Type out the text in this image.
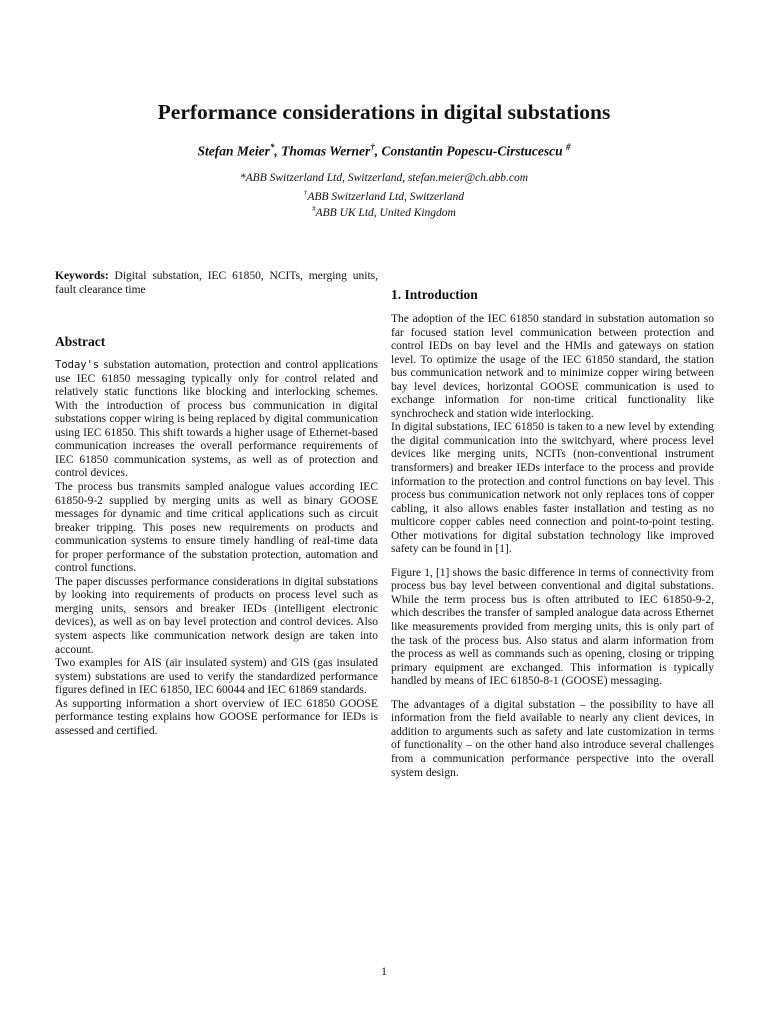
Performance considerations in digital substations
Stefan Meier*, Thomas Werner†, Constantin Popescu-Cirstucescu #
*ABB Switzerland Ltd, Switzerland, stefan.meier@ch.abb.com
†ABB Switzerland Ltd, Switzerland
#ABB UK Ltd, United Kingdom

Keywords: Digital substation, IEC 61850, NCITs, merging units, fault clearance time

Abstract

Today's substation automation, protection and control applications use IEC 61850 messaging typically only for control related and relatively static functions like blocking and interlocking schemes. With the introduction of process bus communication in digital substations copper wiring is being replaced by digital communication using IEC 61850. This shift towards a higher usage of Ethernet-based communication increases the overall performance requirements of IEC 61850 communication systems, as well as of protection and control devices.

The process bus transmits sampled analogue values according IEC 61850-9-2 supplied by merging units as well as binary GOOSE messages for dynamic and time critical applications such as circuit breaker tripping. This poses new requirements on products and communication systems to ensure timely handling of real-time data for proper performance of the substation protection, automation and control functions.

The paper discusses performance considerations in digital substations by looking into requirements of products on process level such as merging units, sensors and breaker IEDs (intelligent electronic devices), as well as on bay level protection and control devices. Also system aspects like communication network design are taken into account.

Two examples for AIS (air insulated system) and GIS (gas insulated system) substations are used to verify the standardized performance figures defined in IEC 61850, IEC 60044 and IEC 61869 standards.

As supporting information a short overview of IEC 61850 GOOSE performance testing explains how GOOSE performance for IEDs is assessed and certified.

1. Introduction

The adoption of the IEC 61850 standard in substation automation so far focused station level communication between protection and control IEDs on bay level and the HMIs and gateways on station level. To optimize the usage of the IEC 61850 standard, the station bus communication network and to minimize copper wiring between bay level devices, horizontal GOOSE communication is used to exchange information for non-time critical functionality like synchrocheck and station wide interlocking.

In digital substations, IEC 61850 is taken to a new level by extending the digital communication into the switchyard, where process level devices like merging units, NCITs (non-conventional instrument transformers) and breaker IEDs interface to the process and provide information to the protection and control functions on bay level. This process bus communication network not only replaces tons of copper cabling, it also allows enables faster installation and testing as no multicore copper cables need connection and point-to-point testing. Other motivations for digital substation technology like improved safety can be found in [1].

Figure 1, [1] shows the basic difference in terms of connectivity from process bus bay level between conventional and digital substations. While the term process bus is often attributed to IEC 61850-9-2, which describes the transfer of sampled analogue data across Ethernet like measurements provided from merging units, this is only part of the task of the process bus. Also status and alarm information from the process as well as commands such as opening, closing or tripping primary equipment are exchanged. This information is typically handled by means of IEC 61850-8-1 (GOOSE) messaging.

The advantages of a digital substation – the possibility to have all information from the field available to nearly any client devices, in addition to arguments such as safety and late customization in terms of functionality – on the other hand also introduce several challenges from a communication performance perspective into the overall system design.

1
